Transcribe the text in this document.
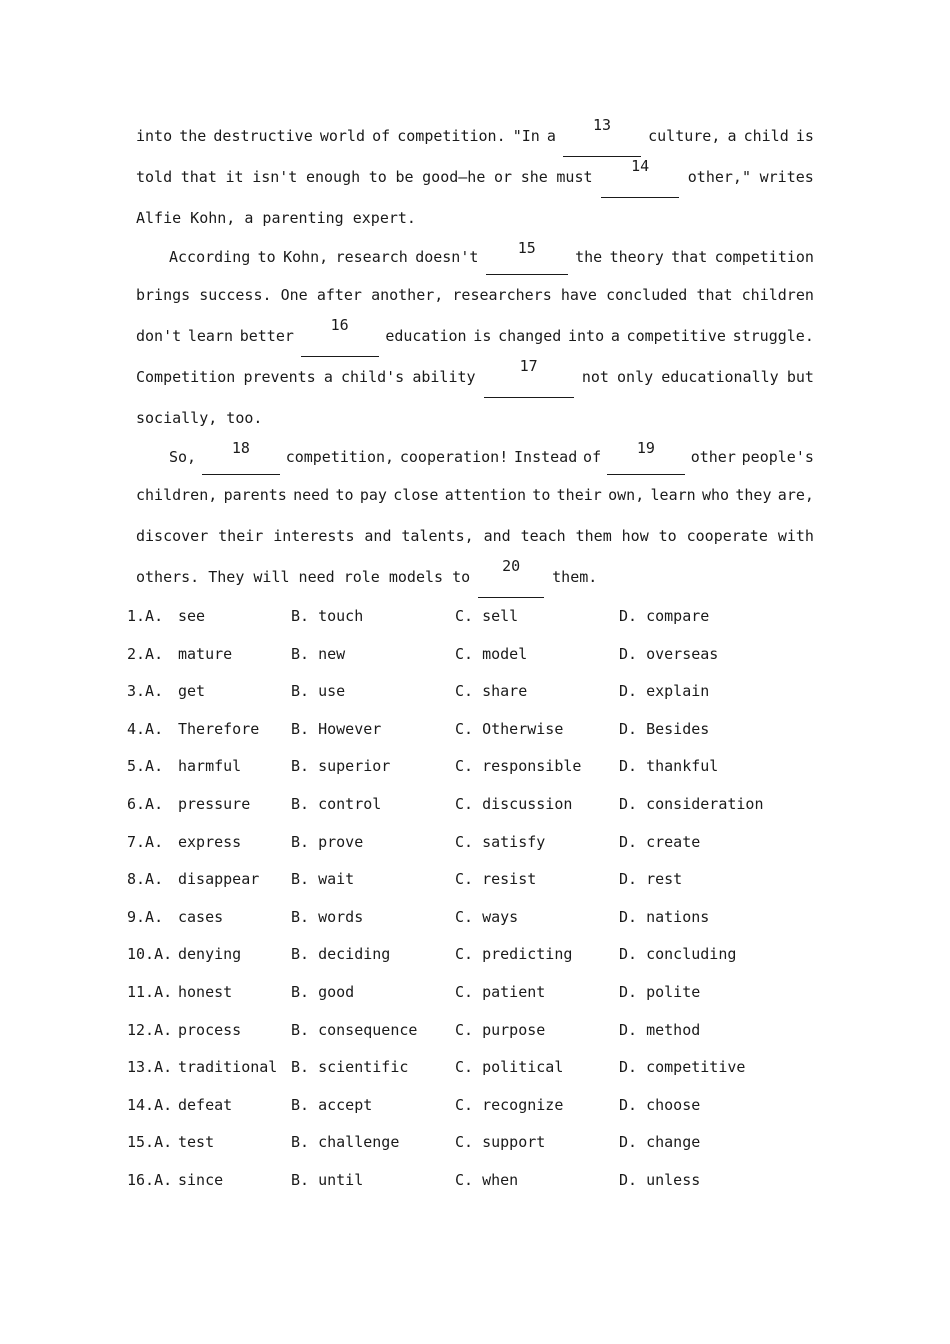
into the destructive world of competition. "In a
13
culture, a child is
told that it isn't enough to be good—he or she must
14
other," writes
Alfie Kohn, a parenting expert.
According to Kohn, research doesn't	15	the theory that competition
brings success. One after another, researchers have concluded that children
don't learn better
16
education is changed into a competitive struggle.
Competition prevents a child's ability
17
not only educationally but
socially, too.
So,	18	competition, cooperation! Instead of	19	other people's
children, parents need to pay close attention to their own, learn who they are,
discover their interests and talents, and teach them how to cooperate with
others. They will need role models to
20
them.
1.A. see	B. touch	C. sell	D. compare
2.A. mature	B. new	C. model	D. overseas
3.A. get	B. use	C. share	D. explain
4.A. Therefore B. However	C. Otherwise	D. Besides
5.A. harmful	B. superior	C. responsible	D. thankful
6.A. pressure	B. control	C. discussion	D. consideration
7.A. express	B. prove	C. satisfy	D. create
8.A. disappear B. wait	C. resist	D. rest
9.A. cases	B. words	C. ways	D. nations
10.A. denying	B. deciding	C. predicting	D. concluding
11.A. honest	B. good	C. patient	D. polite
12.A. process	B. consequence	C. purpose	D. method
13.A. traditional B. scientific	C. political	D. competitive
14.A. defeat	B. accept	C. recognize	D. choose
15.A. test	B. challenge	C. support	D. change
16.A. since	B. until	C. when	D. unless
